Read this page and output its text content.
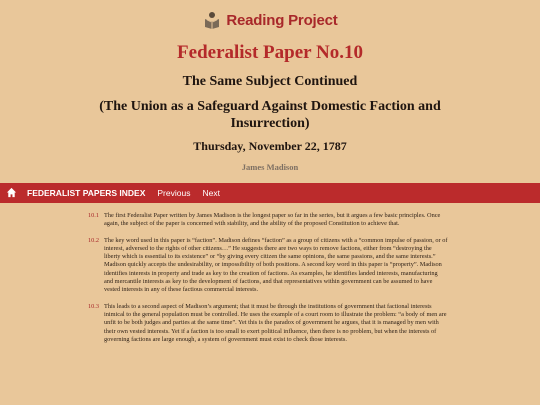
Reading Project
Federalist Paper No.10
The Same Subject Continued
(The Union as a Safeguard Against Domestic Faction and Insurrection)
Thursday, November 22, 1787
James Madison
FEDERALIST PAPERS INDEX Previous Next

10.1 The first Federalist Paper written by James Madison is the longest paper so far in the series, but it argues a few basic principles. Once again, the subject of the paper is concerned with stability, and the ability of the proposed Constitution to achieve that.

10.2 The key word used in this paper is “faction”. Madison defines “faction” as a group of citizens with a “common impulse of passion, or of interest, adversed to the rights of other citizens…” He suggests there are two ways to remove factions, either from “destroying the liberty which is essential to its existence” or “by giving every citizen the same opinions, the same passions, and the same interests.” Madison quickly accepts the undesirability, or impossibility of both positions. A second key word in this paper is “property”. Madison identifies interests in property and trade as key to the creation of factions. As examples, he identifies landed interests, manufacturing and mercantile interests as key to the development of factions, and that representatives within government can be assumed to have vested interests in any of these factious commercial interests.

10.3 This leads to a second aspect of Madison’s argument; that it must be through the institutions of government that factional interests inimical to the general population must be controlled. He uses the example of a court room to illustrate the problem: “a body of men are unfit to be both judges and parties at the same time”. Yet this is the paradox of government he argues, that it is managed by men with their own vested interests. Yet if a faction is too small to exert political influence, then there is no problem, but when the interests of governing factions are large enough, a system of government must exist to check those interests.
